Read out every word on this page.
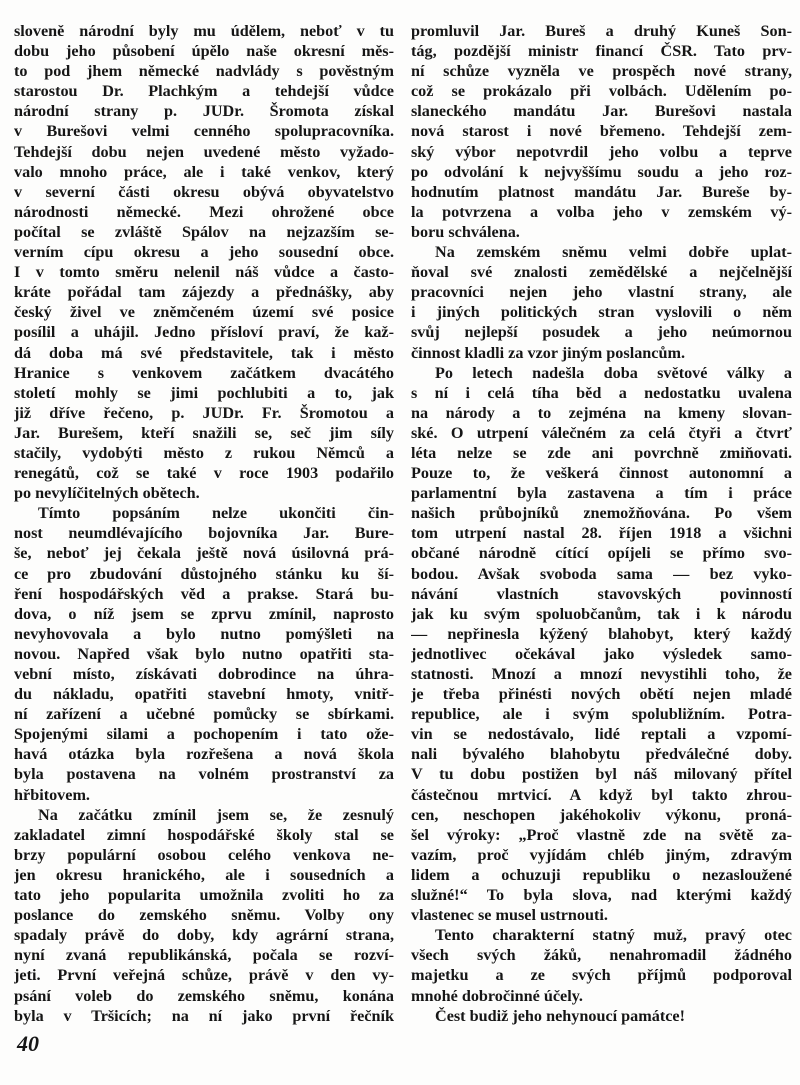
sloveně národní byly mu údělem, neboť v tu
dobu jeho působení úpělo naše okresní měs-
to pod jhem německé nadvlády s pověstným
starostou Dr. Plachkým a tehdejší vůdce
národní strany p. JUDr. Šromota získal
v Burešovi velmi cenného spolupracovníka.
Tehdejší dobu nejen uvedené město vyžado-
valo mnoho práce, ale i také venkov, který
v severní části okresu obývá obyvatelstvo
národnosti německé. Mezi ohrožené obce
počítal se zvláště Spálov na nejzazším se-
verním cípu okresu a jeho sousední obce.
I v tomto směru nelenil náš vůdce a často-
kráte pořádal tam zájezdy a přednášky, aby
český živel ve zněmčeném území své posice
posílil a uhájil. Jedno přísloví praví, že kaž-
dá doba má své představitele, tak i město
Hranice s venkovem začátkem dvacátého
století mohly se jimi pochlubiti a to, jak
již dříve řečeno, p. JUDr. Fr. Šromotou a
Jar. Burešem, kteří snažili se, seč jim síly
stačily, vydobýti město z rukou Němců a
renegátů, což se také v roce 1903 podařilo
po nevylíčitelných obětech.
Tímto popsáním nelze ukončiti čin-
nost neumdlévajícího bojovníka Jar. Bure-
še, neboť jej čekala ještě nová úsilovná prá-
ce pro zbudování důstojného stánku ku ší-
ření hospodářských věd a prakse. Stará bu-
dova, o níž jsem se zprvu zmínil, naprosto
nevyhovovala a bylo nutno pomýšleti na
novou. Napřed však bylo nutno opatřiti sta-
vební místo, získávati dobrodince na úhra-
du nákladu, opatřiti stavební hmoty, vnitř-
ní zařízení a učebné pomůcky se sbírkami.
Spojenými silami a pochopením i tato ože-
havá otázka byla rozřešena a nová škola
byla postavena na volném prostranství za
hřbitovem.
Na začátku zmínil jsem se, že zesnulý
zakladatel zimní hospodářské školy stal se
brzy populární osobou celého venkova ne-
jen okresu hranického, ale i sousedních a
tato jeho popularita umožnila zvoliti ho za
poslance do zemského sněmu. Volby ony
spadaly právě do doby, kdy agrární strana,
nyní zvaná republikánská, počala se rozví-
jeti. První veřejná schůze, právě v den vy-
psání voleb do zemského sněmu, konána
byla v Tršicích; na ní jako první řečník
promluvil Jar. Bureš a druhý Kuneš Son-
tág, pozdější ministr financí ČSR. Tato prv-
ní schůze vyzněla ve prospěch nové strany,
což se prokázalo při volbách. Udělením po-
slaneckého mandátu Jar. Burešovi nastala
nová starost i nové břemeno. Tehdejší zem-
ský výbor nepotvrdil jeho volbu a teprve
po odvolání k nejvyššímu soudu a jeho roz-
hodnutím platnost mandátu Jar. Bureše by-
la potvrzena a volba jeho v zemském vý-
boru schválena.
Na zemském sněmu velmi dobře uplat-
ňoval své znalosti zemědělské a nejčelnější
pracovníci nejen jeho vlastní strany, ale
i jiných politických stran vyslovili o něm
svůj nejlepší posudek a jeho neúmornou
činnost kladli za vzor jiným poslancům.
Po letech nadešla doba světové války a
s ní i celá tíha běd a nedostatku uvalena
na národy a to zejména na kmeny slovan-
ské. O utrpení válečném za celá čtyři a čtvrť
léta nelze se zde ani povrchně zmiňovati.
Pouze to, že veškerá činnost autonomní a
parlamentní byla zastavena a tím i práce
našich průbojníků znemožňována. Po všem
tom utrpení nastal 28. říjen 1918 a všichni
občané národně cítící opíjeli se přímo svo-
bodou. Avšak svoboda sama — bez vyko-
návání vlastních stavovských povinností
jak ku svým spoluobčanům, tak i k národu
— nepřinesla kýžený blahobyt, který každý
jednotlivec očekával jako výsledek samo-
statnosti. Mnozí a mnozí nevystihli toho, že
je třeba přinésti nových obětí nejen mladé
republice, ale i svým spolubližním. Potra-
vin se nedostávalo, lidé reptali a vzpomí-
nali bývalého blahobytu předválečné doby.
V tu dobu postižen byl náš milovaný přítel
částečnou mrtvicí. A když byl takto zhrou-
cen, neschopen jakéhokoliv výkonu, proná-
šel výroky: „Proč vlastně zde na světě za-
vazím, proč vyjídám chléb jiným, zdravým
lidem a ochuzuji republiku o nezasloužené
služné!“ To byla slova, nad kterými každý
vlastenec se musel ustrnouti.
Tento charakterní statný muž, pravý otec
všech svých žáků, nenahromadil žádného
majetku a ze svých příjmů podporoval
mnohé dobročinné účely.
Čest budiž jeho nehynoucí památce!
40
